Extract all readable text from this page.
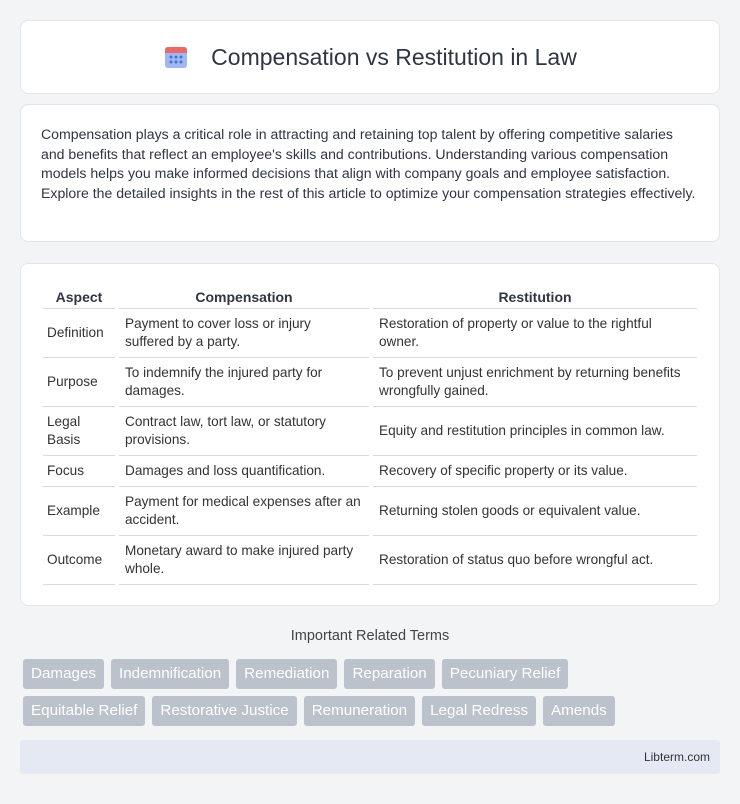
Compensation vs Restitution in Law

Compensation plays a critical role in attracting and retaining top talent by offering competitive salaries and benefits that reflect an employee's skills and contributions. Understanding various compensation models helps you make informed decisions that align with company goals and employee satisfaction. Explore the detailed insights in the rest of this article to optimize your compensation strategies effectively.

Aspect	Compensation	Restitution
Definition	Payment to cover loss or injury suffered by a party.	Restoration of property or value to the rightful owner.
Purpose	To indemnify the injured party for damages.	To prevent unjust enrichment by returning benefits wrongfully gained.
Legal Basis	Contract law, tort law, or statutory provisions.	Equity and restitution principles in common law.
Focus	Damages and loss quantification.	Recovery of specific property or its value.
Example	Payment for medical expenses after an accident.	Returning stolen goods or equivalent value.
Outcome	Monetary award to make injured party whole.	Restoration of status quo before wrongful act.
Important Related Terms
Damages	Indemnification	Remediation	Reparation	Pecuniary Relief
Equitable Relief	Restorative Justice	Remuneration	Legal Redress	Amends
Libterm.com
